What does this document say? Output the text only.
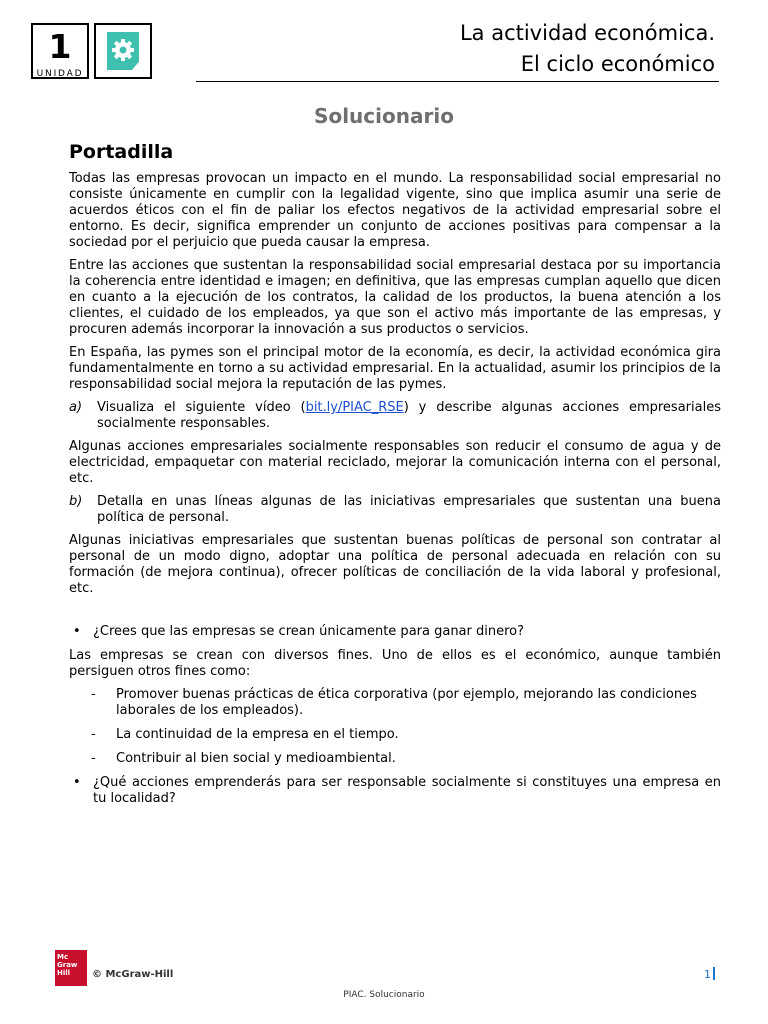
1
UNIDAD
La actividad económica.
El ciclo económico
Solucionario
Portadilla

Todas las empresas provocan un impacto en el mundo. La responsabilidad social empresarial no consiste únicamente en cumplir con la legalidad vigente, sino que implica asumir una serie de acuerdos éticos con el fin de paliar los efectos negativos de la actividad empresarial sobre el entorno. Es decir, significa emprender un conjunto de acciones positivas para compensar a la sociedad por el perjuicio que pueda causar la empresa.

Entre las acciones que sustentan la responsabilidad social empresarial destaca por su importancia la coherencia entre identidad e imagen; en definitiva, que las empresas cumplan aquello que dicen en cuanto a la ejecución de los contratos, la calidad de los productos, la buena atención a los clientes, el cuidado de los empleados, ya que son el activo más importante de las empresas, y procuren además incorporar la innovación a sus productos o servicios.

En España, las pymes son el principal motor de la economía, es decir, la actividad económica gira fundamentalmente en torno a su actividad empresarial. En la actualidad, asumir los principios de la responsabilidad social mejora la reputación de las pymes.

a)	Visualiza el siguiente vídeo (bit.ly/PIAC_RSE) y describe algunas acciones empresariales socialmente responsables.

Algunas acciones empresariales socialmente responsables son reducir el consumo de agua y de electricidad, empaquetar con material reciclado, mejorar la comunicación interna con el personal, etc.

b)	Detalla en unas líneas algunas de las iniciativas empresariales que sustentan una buena política de personal.

Algunas iniciativas empresariales que sustentan buenas políticas de personal son contratar al personal de un modo digno, adoptar una política de personal adecuada en relación con su formación (de mejora continua), ofrecer políticas de conciliación de la vida laboral y profesional, etc.

• ¿Crees que las empresas se crean únicamente para ganar dinero?

Las empresas se crean con diversos fines. Uno de ellos es el económico, aunque también persiguen otros fines como:

-	Promover buenas prácticas de ética corporativa (por ejemplo, mejorando las condiciones laborales de los empleados).
-	La continuidad de la empresa en el tiempo.
-	Contribuir al bien social y medioambiental.
• ¿Qué acciones emprenderás para ser responsable socialmente si constituyes una empresa en tu localidad?
Mc
Graw
Hill	© McGraw-Hill	1
PIAC. Solucionario
